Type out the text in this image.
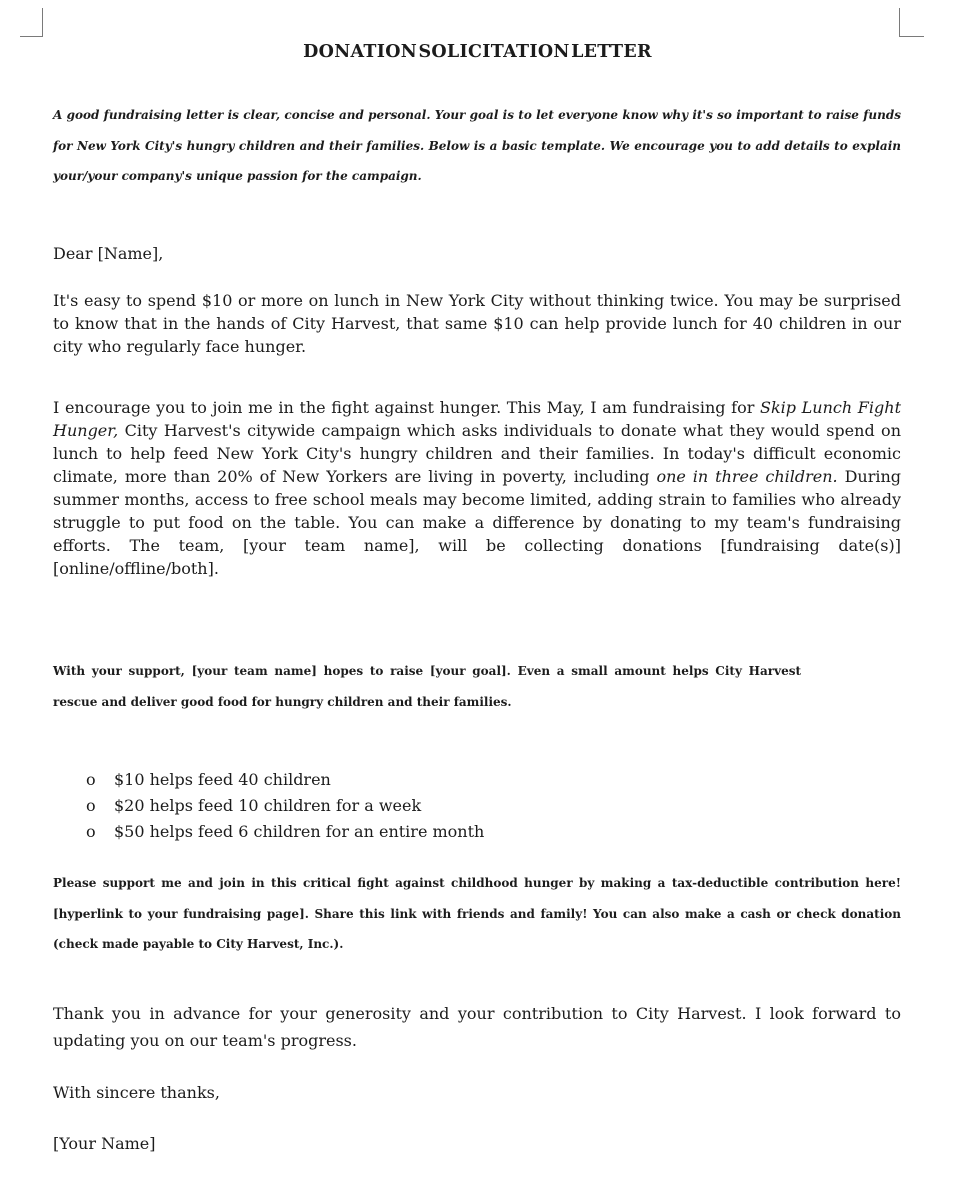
DONATION SOLICITATION LETTER
A good fundraising letter is clear, concise and personal. Your goal is to let everyone know why it's so important to raise funds for New York City's hungry children and their families. Below is a basic template. We encourage you to add details to explain your/your company's unique passion for the campaign.
Dear [Name],
It's easy to spend $10 or more on lunch in New York City without thinking twice. You may be surprised to know that in the hands of City Harvest, that same $10 can help provide lunch for 40 children in our city who regularly face hunger.
I encourage you to join me in the fight against hunger. This May, I am fundraising for Skip Lunch Fight Hunger, City Harvest's citywide campaign which asks individuals to donate what they would spend on lunch to help feed New York City's hungry children and their families. In today's difficult economic climate, more than 20% of New Yorkers are living in poverty, including one in three children. During summer months, access to free school meals may become limited, adding strain to families who already struggle to put food on the table. You can make a difference by donating to my team's fundraising efforts. The team, [your team name], will be collecting donations [fundraising date(s)] [online/offline/both].
With your support, [your team name] hopes to raise [your goal]. Even a small amount helps City Harvest rescue and deliver good food for hungry children and their families.
o $10 helps feed 40 children
o $20 helps feed 10 children for a week
o $50 helps feed 6 children for an entire month
Please support me and join in this critical fight against childhood hunger by making a tax-deductible contribution here! [hyperlink to your fundraising page]. Share this link with friends and family! You can also make a cash or check donation (check made payable to City Harvest, Inc.).
Thank you in advance for your generosity and your contribution to City Harvest. I look forward to updating you on our team's progress.
With sincere thanks,
[Your Name]
